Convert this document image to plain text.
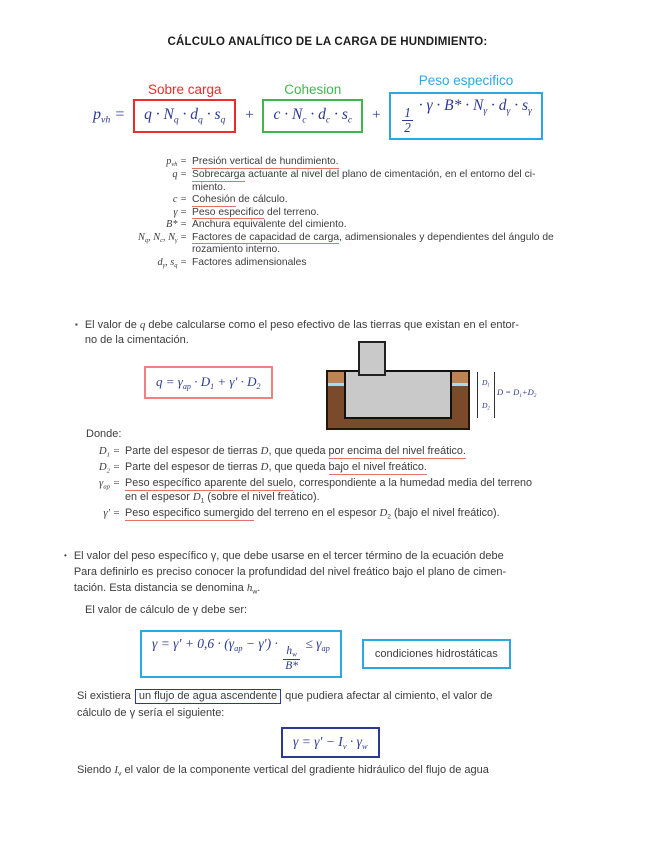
CÁLCULO ANALÍTICO DE LA CARGA DE HUNDIMIENTO:
$p_{vh}$ =
Sobre carga
$q \cdot N_q \cdot d_q \cdot s_q$	+
Cohesion
$c \cdot N_c \cdot d_c \cdot s_c$	+
Peso especifico
$\frac{1}{2}$
· $\gamma \cdot B* \cdot N_\gamma \cdot d_\gamma \cdot s_\gamma$
$p_{vh}$ = Presión vertical de hundimiento.
q = Sobrecarga actuante al nivel del plano de cimentación, en el entorno del ci-
miento.
c = Cohesión de cálculo.
γ = Peso especifico del terreno.
B* = Anchura equivalente del cimiento.
$N_q$, $N_c$, $N_\gamma$ = Factores de capacidad de carga, adimensionales y dependientes del ángulo de
rozamiento interno.
$d_\gamma$, $s_q$ = Factores adimensionales
▪ El valor de q debe calcularse como el peso efectivo de las tierras que existan en el entor-
no de la cimentación.
$q = \gamma_{ap} \cdot D_1 + \gamma' \cdot D_2$	$D_1$
$D_2$
$D = D_1+D_2$
Donde:
$D_1$ = Parte del espesor de tierras D, que queda por encima del nivel freático.
$D_2$ = Parte del espesor de tierras D, que queda bajo el nivel freático.
$\gamma_{ap}$ = Peso específico aparente del suelo, correspondiente a la humedad media del terreno
en el espesor $D_1$ (sobre el nivel freático).
γ′ = Peso especifico sumergido del terreno en el espesor $D_2$ (bajo el nivel freático).
• El valor del peso específico γ, que debe usarse en el tercer término de la ecuación debe
Para definirlo es preciso conocer la profundidad del nivel freático bajo el plano de cimen-
tación. Esta distancia se denomina $h_w$.
El valor de cálculo de γ debe ser:
$\gamma = \gamma' + 0,6 \cdot (\gamma_{ap} - \gamma')$ ·
$\frac{h_w}{B*}$
≤ $\gamma_{ap}$	condiciones hidrostáticas
Si existiera un flujo de agua ascendente que pudiera afectar al cimiento, el valor de
cálculo de γ sería el siguiente:
$\gamma = \gamma' - I_v \cdot \gamma_w$
Siendo $I_v$ el valor de la componente vertical del gradiente hidráulico del flujo de agua
